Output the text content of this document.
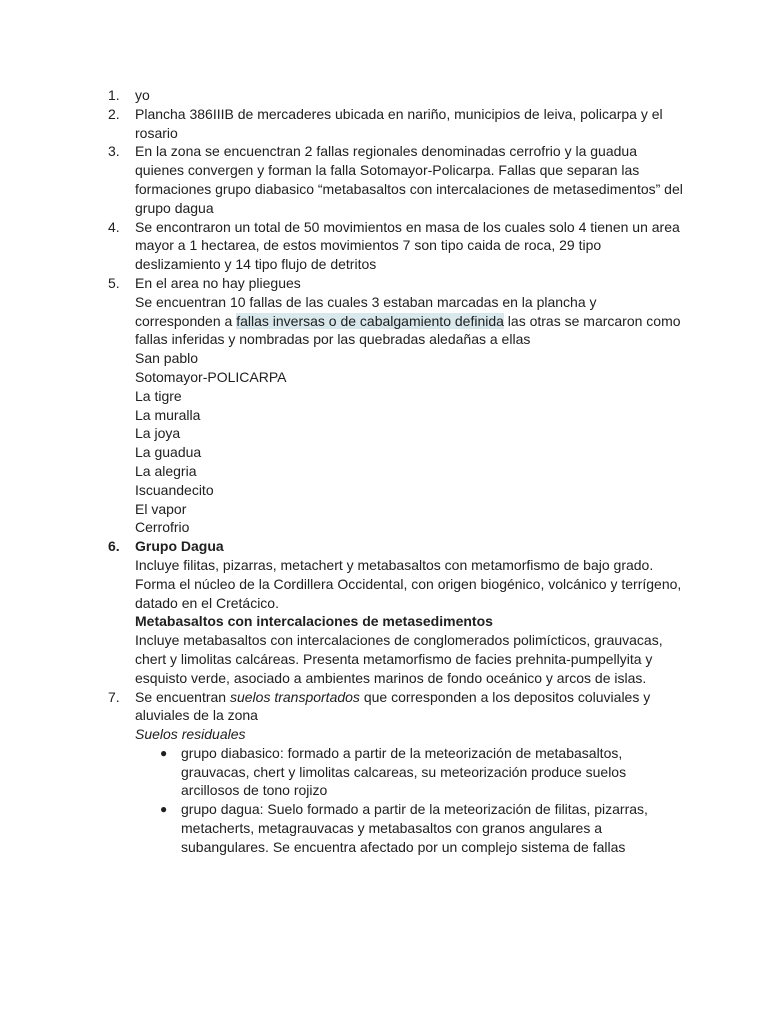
1.	yo
2.	Plancha 386IIIB de mercaderes ubicada en nariño, municipios de leiva, policarpa y el
rosario
3.	En la zona se encuenctran 2 fallas regionales denominadas cerrofrio y la guadua
quienes convergen y forman la falla Sotomayor-Policarpa. Fallas que separan las
formaciones grupo diabasico “metabasaltos con intercalaciones de metasedimentos” del
grupo dagua
4.	Se encontraron un total de 50 movimientos en masa de los cuales solo 4 tienen un area
mayor a 1 hectarea, de estos movimientos 7 son tipo caida de roca, 29 tipo
deslizamiento y 14 tipo flujo de detritos
5.	En el area no hay pliegues
Se encuentran 10 fallas de las cuales 3 estaban marcadas en la plancha y
corresponden a fallas inversas o de cabalgamiento definida las otras se marcaron como
fallas inferidas y nombradas por las quebradas aledañas a ellas
San pablo
Sotomayor-POLICARPA
La tigre
La muralla
La joya
La guadua
La alegria
Iscuandecito
El vapor
Cerrofrio
6.	Grupo Dagua
Incluye filitas, pizarras, metachert y metabasaltos con metamorfismo de bajo grado.
Forma el núcleo de la Cordillera Occidental, con origen biogénico, volcánico y terrígeno,
datado en el Cretácico.
Metabasaltos con intercalaciones de metasedimentos
Incluye metabasaltos con intercalaciones de conglomerados polimícticos, grauvacas,
chert y limolitas calcáreas. Presenta metamorfismo de facies prehnita-pumpellyita y
esquisto verde, asociado a ambientes marinos de fondo oceánico y arcos de islas.
7.	Se encuentran suelos transportados que corresponden a los depositos coluviales y
aluviales de la zona
Suelos residuales
● grupo diabasico: formado a partir de la meteorización de metabasaltos,
grauvacas, chert y limolitas calcareas, su meteorización produce suelos
arcillosos de tono rojizo
● grupo dagua: Suelo formado a partir de la meteorización de filitas, pizarras,
metacherts, metagrauvacas y metabasaltos con granos angulares a
subangulares. Se encuentra afectado por un complejo sistema de fallas
